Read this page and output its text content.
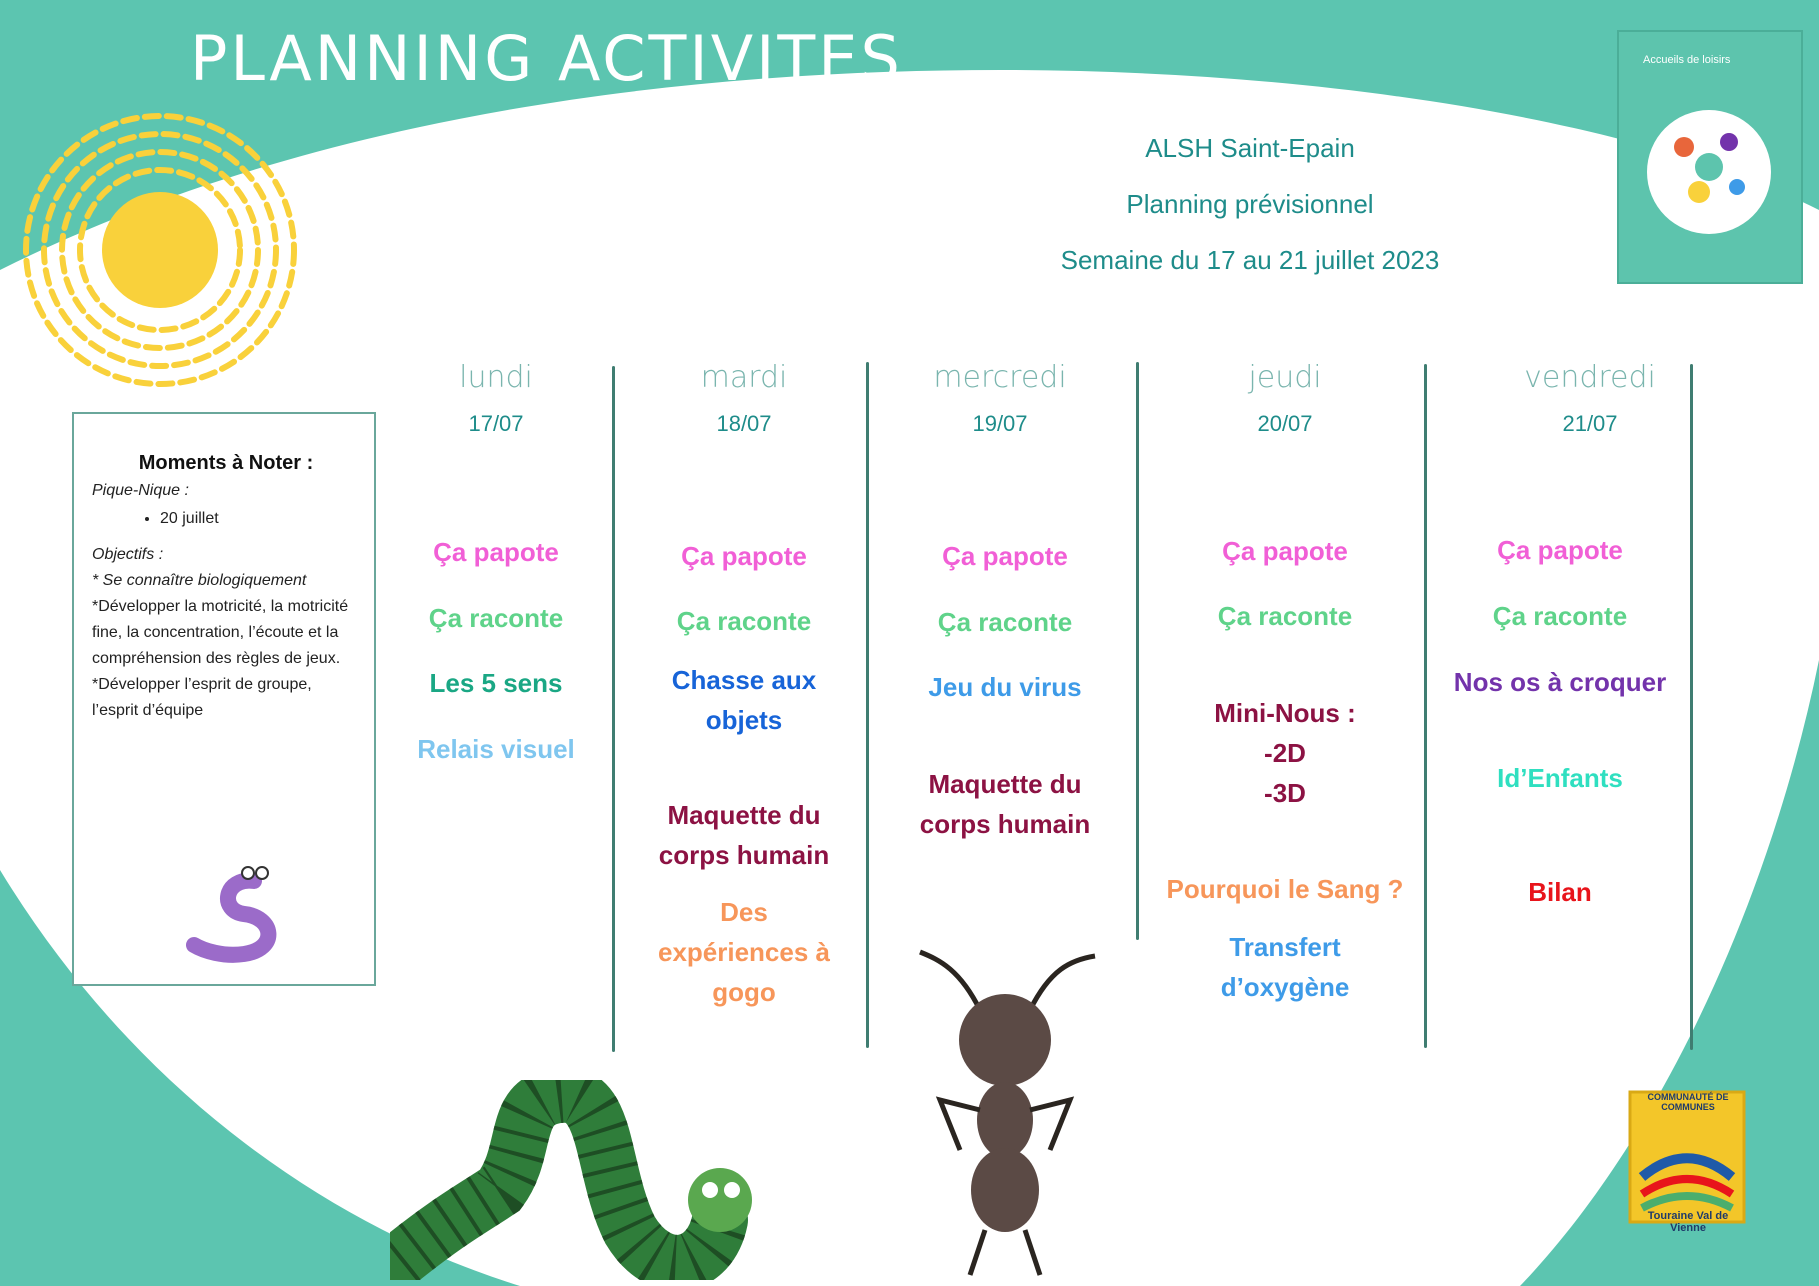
PLANNING ACTIVITES
ALSH Saint-Epain
Planning prévisionnel
Semaine du 17 au 21 juillet 2023
Accueils de loisirs
Moments à Noter :
Pique-Nique :
• 20 juillet
Objectifs :
* Se connaître biologiquement
*Développer la motricité, la motricité fine, la concentration, l’écoute et la compréhension des règles de jeux.
*Développer l’esprit de groupe, l’esprit d’équipe
lundi
17/07
Ça papote
Ça raconte
Les 5 sens
Relais visuel
mardi
18/07
Ça papote
Ça raconte
Chasse aux objets
Maquette du corps humain
Des expériences à gogo
mercredi
19/07
Ça papote
Ça raconte
Jeu du virus
Maquette du corps humain
jeudi
20/07
Ça papote
Ça raconte
Mini-Nous :
-2D
-3D
Pourquoi le Sang ?
Transfert d’oxygène
vendredi
21/07
Ça papote
Ça raconte
Nos os à croquer
Id’Enfants
Bilan
COMMUNAUTÉ DE COMMUNES
Touraine Val de Vienne
